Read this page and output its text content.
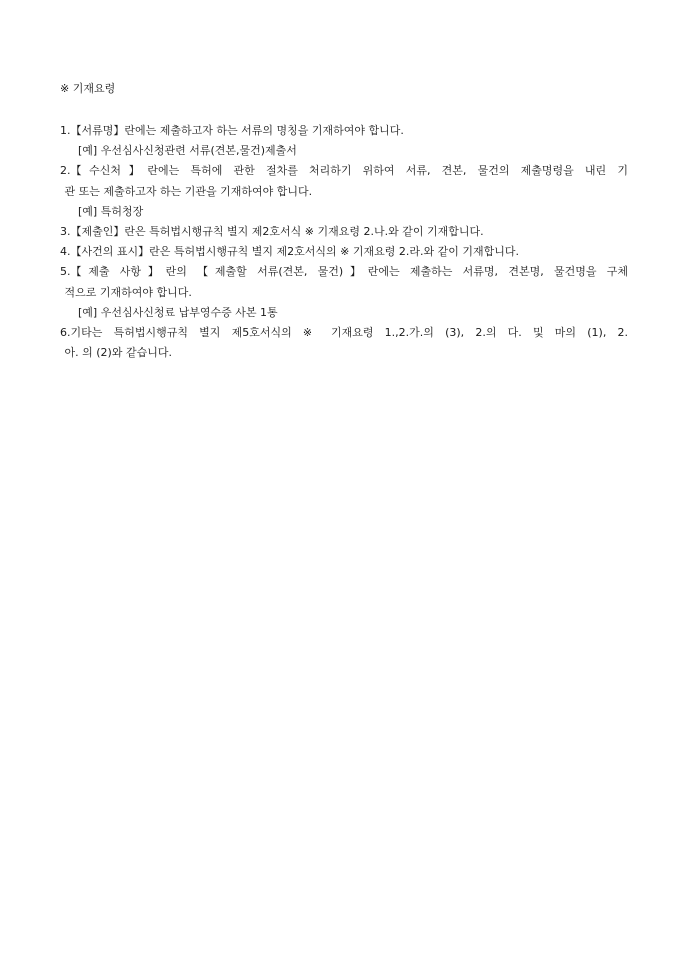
※ 기재요령
1. 【서류명】란에는 제출하고자 하는 서류의 명칭을 기재하여야 합니다.
[예] 우선심사신청관련 서류(견본,물건)제출서
2. 【수신처】란에는 특허에 관한 절차를 처리하기 위하여 서류, 견본, 물건의 제출명령을 내린 기
관 또는 제출하고자 하는 기관을 기재하여야 합니다.
[예] 특허청장
3. 【제출인】란은 특허법시행규칙 별지 제2호서식 ※ 기재요령 2.나.와 같이 기재합니다.
4. 【사건의 표시】란은 특허법시행규칙 별지 제2호서식의 ※ 기재요령 2.라.와 같이 기재합니다.
5. 【제출 사항】란의 【제출할 서류(견본, 물건)】란에는 제출하는 서류명, 견본명, 물건명을 구체
적으로 기재하여야 합니다.
[예] 우선심사신청료 납부영수증 사본 1통
6. 기타는 특허법시행규칙 별지 제5호서식의 ※ 기재요령 1.,2.가.의 (3), 2.의 다. 및 마의 (1), 2.
아. 의 (2)와 같습니다.
